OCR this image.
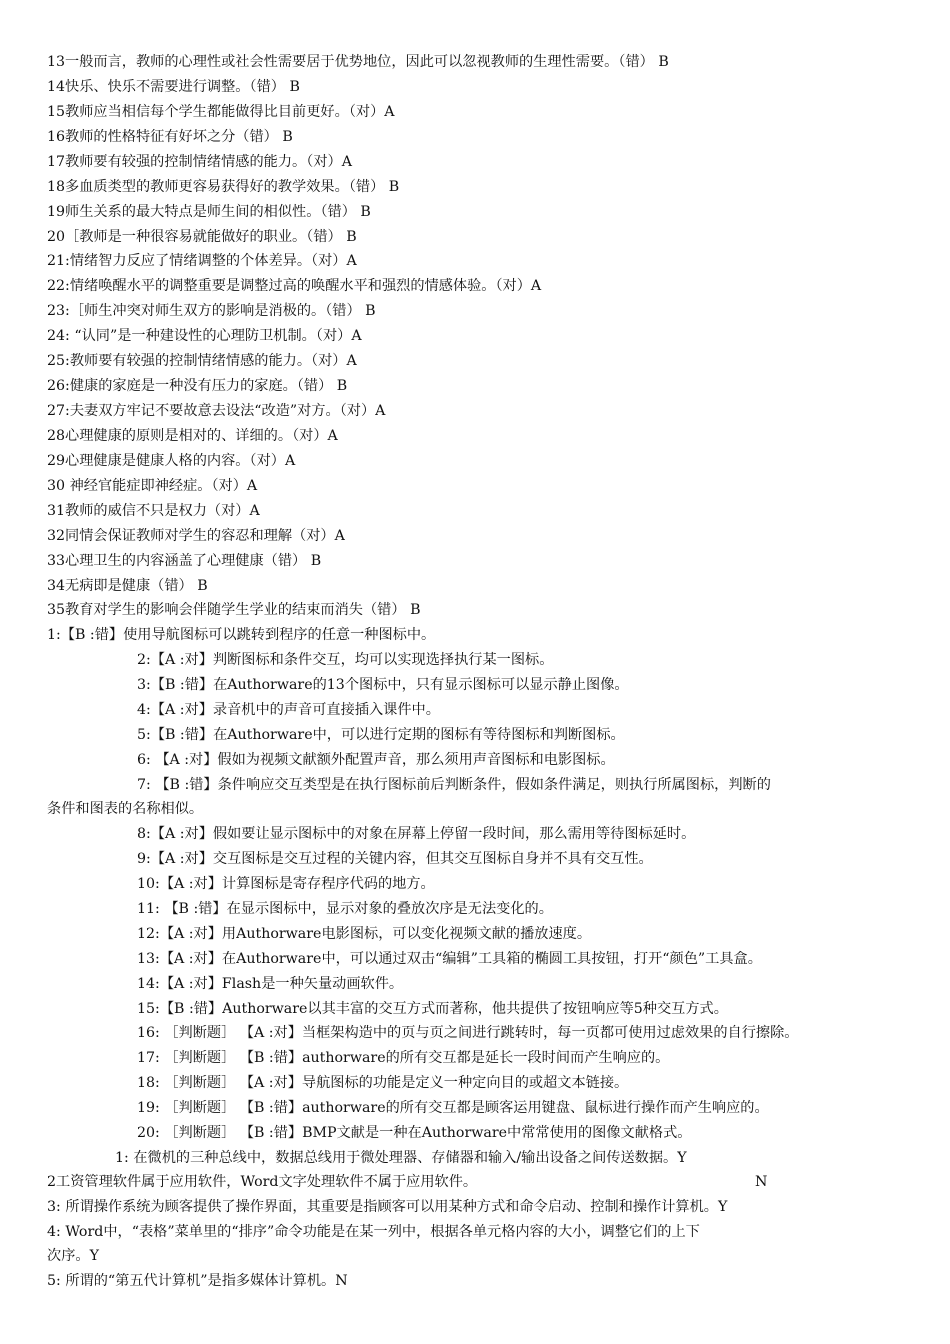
13一般而言，教师的心理性或社会性需要居于优势地位，因此可以忽视教师的生理性需要。（错） B

14快乐、快乐不需要进行调整。（错） B

15教师应当相信每个学生都能做得比目前更好。（对）A

16教师的性格特征有好坏之分（错） B

17教师要有较强的控制情绪情感的能力。（对）A

18多血质类型的教师更容易获得好的教学效果。（错） B

19师生关系的最大特点是师生间的相似性。（错） B

20［教师是一种很容易就能做好的职业。（错） B

21:情绪智力反应了情绪调整的个体差异。（对）A

22:情绪唤醒水平的调整重要是调整过高的唤醒水平和强烈的情感体验。（对）A

23:［师生冲突对师生双方的影响是消极的。（错） B

24: “认同”是一种建设性的心理防卫机制。（对）A

25:教师要有较强的控制情绪情感的能力。（对）A

26:健康的家庭是一种没有压力的家庭。（错） B

27:夫妻双方牢记不要故意去设法“改造”对方。（对）A

28心理健康的原则是相对的、详细的。（对）A

29心理健康是健康人格的内容。（对）A

30 神经官能症即神经症。（对）A

31教师的威信不只是权力（对）A

32同情会保证教师对学生的容忍和理解（对）A

33心理卫生的内容涵盖了心理健康（错） B

34无病即是健康（错） B

35教育对学生的影响会伴随学生学业的结束而消失（错） B

1:【B :错】使用导航图标可以跳转到程序的任意一种图标中。

2:【A :对】判断图标和条件交互，均可以实现选择执行某一图标。

3:【B :错】在Authorware的13个图标中，只有显示图标可以显示静止图像。

4:【A :对】录音机中的声音可直接插入课件中。

5:【B :错】在Authorware中，可以进行定期的图标有等待图标和判断图标。

6: 【A :对】假如为视频文献额外配置声音，那么须用声音图标和电影图标。

7: 【B :错】条件响应交互类型是在执行图标前后判断条件，假如条件满足，则执行所属图标，判断的

条件和图表的名称相似。

8:【A :对】假如要让显示图标中的对象在屏幕上停留一段时间，那么需用等待图标延时。

9:【A :对】交互图标是交互过程的关键内容，但其交互图标自身并不具有交互性。

10:【A :对】计算图标是寄存程序代码的地方。

11: 【B :错】在显示图标中，显示对象的叠放次序是无法变化的。

12:【A :对】用Authorware电影图标，可以变化视频文献的播放速度。

13:【A :对】在Authorware中，可以通过双击“编辑”工具箱的椭圆工具按钮，打开“颜色”工具盒。

14:【A :对】Flash是一种矢量动画软件。

15:【B :错】Authorware以其丰富的交互方式而著称，他共提供了按钮响应等5种交互方式。

16: ［判断题］ 【A :对】当框架构造中的页与页之间进行跳转时，每一页都可使用过虑效果的自行擦除。

17: ［判断题］ 【B :错】authorware的所有交互都是延长一段时间而产生响应的。

18: ［判断题］ 【A :对】导航图标的功能是定义一种定向目的或超文本链接。

19: ［判断题］ 【B :错】authorware的所有交互都是顾客运用键盘、鼠标进行操作而产生响应的。

20: ［判断题］ 【B :错】BMP文献是一种在Authorware中常常使用的图像文献格式。

1: 在微机的三种总线中，数据总线用于微处理器、存储器和输入/输出设备之间传送数据。Y

2工资管理软件属于应用软件，Word文字处理软件不属于应用软件。	N

3: 所谓操作系统为顾客提供了操作界面，其重要是指顾客可以用某种方式和命令启动、控制和操作计算机。Y

4: Word中，“表格”菜单里的“排序”命令功能是在某一列中，根据各单元格内容的大小，调整它们的上下

次序。Y

5: 所谓的“第五代计算机”是指多媒体计算机。N
